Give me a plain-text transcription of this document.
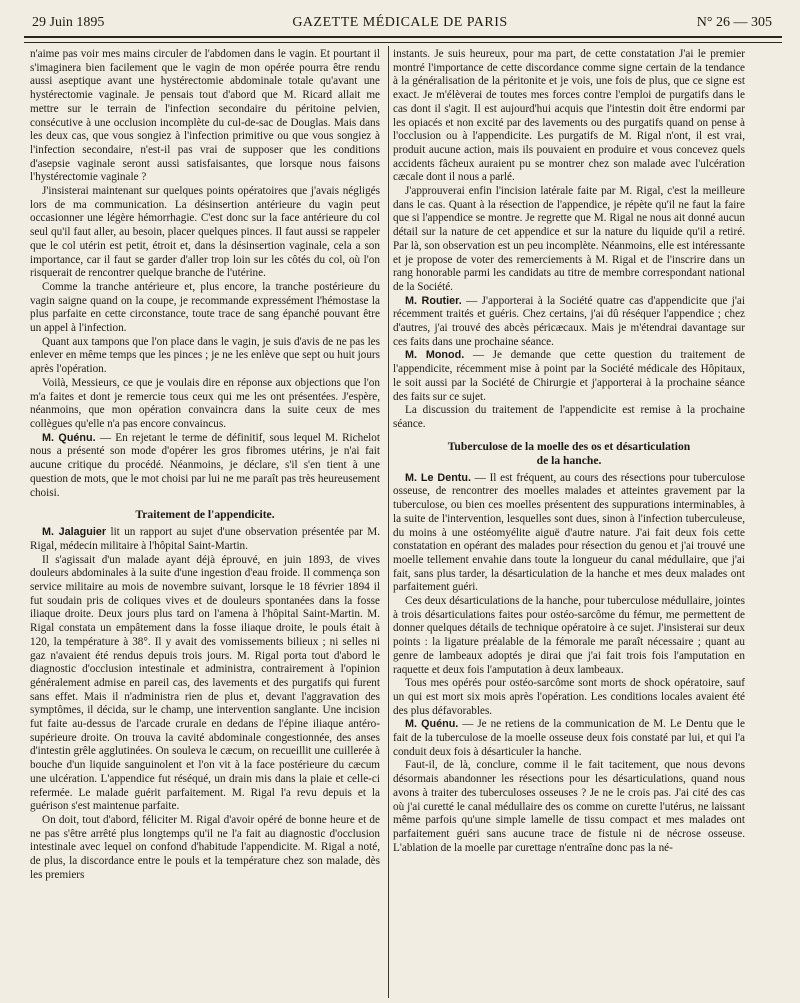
29 Juin 1895	GAZETTE MÉDICALE DE PARIS	N° 26 — 305

n'aime pas voir mes mains circuler de l'abdomen dans le vagin. Et pourtant il s'imaginera bien facilement que le vagin de mon opérée pourra être rendu aussi aseptique avant une hystérectomie abdominale totale qu'avant une hystérectomie vaginale. Je pensais tout d'abord que M. Ricard allait me mettre sur le terrain de l'infection secondaire du péritoine pelvien, consécutive à une occlusion incomplète du cul-de-sac de Douglas. Mais dans les deux cas, que vous songiez à l'infection primitive ou que vous songiez à l'infection secondaire, n'est-il pas vrai de supposer que les conditions d'asepsie vaginale seront aussi satisfaisantes, que lorsque nous faisons l'hystérectomie vaginale ?

J'insisterai maintenant sur quelques points opératoires que j'avais négligés lors de ma communication. La désinsertion antérieure du vagin peut occasionner une légère hémorrhagie. C'est donc sur la face antérieure du col seul qu'il faut aller, au besoin, placer quelques pinces. Il faut aussi se rappeler que le col utérin est petit, étroit et, dans la désinsertion vaginale, cela a son importance, car il faut se garder d'aller trop loin sur les côtés du col, où l'on risquerait de rencontrer quelque branche de l'utérine.

Comme la tranche antérieure et, plus encore, la tranche postérieure du vagin saigne quand on la coupe, je recommande expressément l'hémostase la plus parfaite en cette circonstance, toute trace de sang épanché pouvant être un appel à l'infection.

Quant aux tampons que l'on place dans le vagin, je suis d'avis de ne pas les enlever en même temps que les pinces ; je ne les enlève que sept ou huit jours après l'opération.

Voilà, Messieurs, ce que je voulais dire en réponse aux objections que l'on m'a faites et dont je remercie tous ceux qui me les ont présentées. J'espère, néanmoins, que mon opération convaincra dans la suite ceux de mes collègues qu'elle n'a pas encore convaincus.

M. Quénu. — En rejetant le terme de définitif, sous lequel M. Richelot nous a présenté son mode d'opérer les gros fibromes utérins, je n'ai fait aucune critique du procédé. Néanmoins, je déclare, s'il s'en tient à une question de mots, que le mot choisi par lui ne me paraît pas très heureusement choisi.

Traitement de l'appendicite.

M. Jalaguier lit un rapport au sujet d'une observation présentée par M. Rigal, médecin militaire à l'hôpital Saint-Martin.

Il s'agissait d'un malade ayant déjà éprouvé, en juin 1893, de vives douleurs abdominales à la suite d'une ingestion d'eau froide. Il commença son service militaire au mois de novembre suivant, lorsque le 18 février 1894 il fut soudain pris de coliques vives et de douleurs spontanées dans la fosse iliaque droite. Deux jours plus tard on l'amena à l'hôpital Saint-Martin. M. Rigal constata un empâtement dans la fosse iliaque droite, le pouls était à 120, la température à 38°. Il y avait des vomissements bilieux ; ni selles ni gaz n'avaient été rendus depuis trois jours. M. Rigal porta tout d'abord le diagnostic d'occlusion intestinale et administra, contrairement à l'opinion généralement admise en pareil cas, des lavements et des purgatifs qui furent sans effet. Mais il n'administra rien de plus et, devant l'aggravation des symptômes, il décida, sur le champ, une intervention sanglante. Une incision fut faite au-dessus de l'arcade crurale en dedans de l'épine iliaque antéro-supérieure droite. On trouva la cavité abdominale congestionnée, des anses d'intestin grêle agglutinées. On souleva le cæcum, on recueillit une cuillerée à bouche d'un liquide sanguinolent et l'on vit à la face postérieure du cæcum une ulcération. L'appendice fut réséqué, un drain mis dans la plaie et celle-ci refermée. Le malade guérit parfaitement. M. Rigal l'a revu depuis et la guérison s'est maintenue parfaite.

On doit, tout d'abord, féliciter M. Rigal d'avoir opéré de bonne heure et de ne pas s'être arrêté plus longtemps qu'il ne l'a fait au diagnostic d'occlusion intestinale avec lequel on confond d'habitude l'appendicite. M. Rigal a noté, de plus, la discordance entre le pouls et la température chez son malade, dès les premiers

instants. Je suis heureux, pour ma part, de cette constatation J'ai le premier montré l'importance de cette discordance comme signe certain de la tendance à la généralisation de la péritonite et je vois, une fois de plus, que ce signe est exact. Je m'élèverai de toutes mes forces contre l'emploi de purgatifs dans le cas dont il s'agit. Il est aujourd'hui acquis que l'intestin doit être endormi par les opiacés et non excité par des lavements ou des purgatifs quand on pense à l'occlusion ou à l'appendicite. Les purgatifs de M. Rigal n'ont, il est vrai, produit aucune action, mais ils pouvaient en produire et vous concevez quels accidents fâcheux auraient pu se montrer chez son malade avec l'ulcération cæcale dont il nous a parlé.

J'approuverai enfin l'incision latérale faite par M. Rigal, c'est la meilleure dans le cas. Quant à la résection de l'appendice, je répète qu'il ne faut la faire que si l'appendice se montre. Je regrette que M. Rigal ne nous ait donné aucun détail sur la nature de cet appendice et sur la nature du liquide qu'il a retiré. Par là, son observation est un peu incomplète. Néanmoins, elle est intéressante et je propose de voter des remerciements à M. Rigal et de l'inscrire dans un rang honorable parmi les candidats au titre de membre correspondant national de la Société.

M. Routier. — J'apporterai à la Société quatre cas d'appendicite que j'ai récemment traités et guéris. Chez certains, j'ai dû réséquer l'appendice ; chez d'autres, j'ai trouvé des abcès péricæcaux. Mais je m'étendrai davantage sur ces faits dans une prochaine séance.

M. Monod. — Je demande que cette question du traitement de l'appendicite, récemment mise à point par la Société médicale des Hôpitaux, le soit aussi par la Société de Chirurgie et j'apporterai à la prochaine séance des faits sur ce sujet.

La discussion du traitement de l'appendicite est remise à la prochaine séance.

Tuberculose de la moelle des os et désarticulation
de la hanche.

M. Le Dentu. — Il est fréquent, au cours des résections pour tuberculose osseuse, de rencontrer des moelles malades et atteintes gravement par la tuberculose, ou bien ces moelles présentent des suppurations interminables, à la suite de l'intervention, lesquelles sont dues, sinon à l'infection tuberculeuse, du moins à une ostéomyélite aiguë d'autre nature. J'ai fait deux fois cette constatation en opérant des malades pour résection du genou et j'ai trouvé une moelle tellement envahie dans toute la longueur du canal médullaire, que j'ai fait, sans plus tarder, la désarticulation de la hanche et mes deux malades ont parfaitement guéri.

Ces deux désarticulations de la hanche, pour tuberculose médullaire, jointes à trois désarticulations faites pour ostéo-sarcôme du fémur, me permettent de donner quelques détails de technique opératoire à ce sujet. J'insisterai sur deux points : la ligature préalable de la fémorale me paraît nécessaire ; quant au genre de lambeaux adoptés je dirai que j'ai fait trois fois l'amputation en raquette et deux fois l'amputation à deux lambeaux.

Tous mes opérés pour ostéo-sarcôme sont morts de shock opératoire, sauf un qui est mort six mois après l'opération. Les conditions locales avaient été des plus défavorables.

M. Quénu. — Je ne retiens de la communication de M. Le Dentu que le fait de la tuberculose de la moelle osseuse deux fois constaté par lui, et qui l'a conduit deux fois à désarticuler la hanche.

Faut-il, de là, conclure, comme il le fait tacitement, que nous devons désormais abandonner les résections pour les désarticulations, quand nous avons à traiter des tuberculoses osseuses ? Je ne le crois pas. J'ai cité des cas où j'ai curetté le canal médullaire des os comme on curette l'utérus, ne laissant même parfois qu'une simple lamelle de tissu compact et mes malades ont parfaitement guéri sans aucune trace de fistule ni de nécrose osseuse. L'ablation de la moelle par curettage n'entraîne donc pas la né-
